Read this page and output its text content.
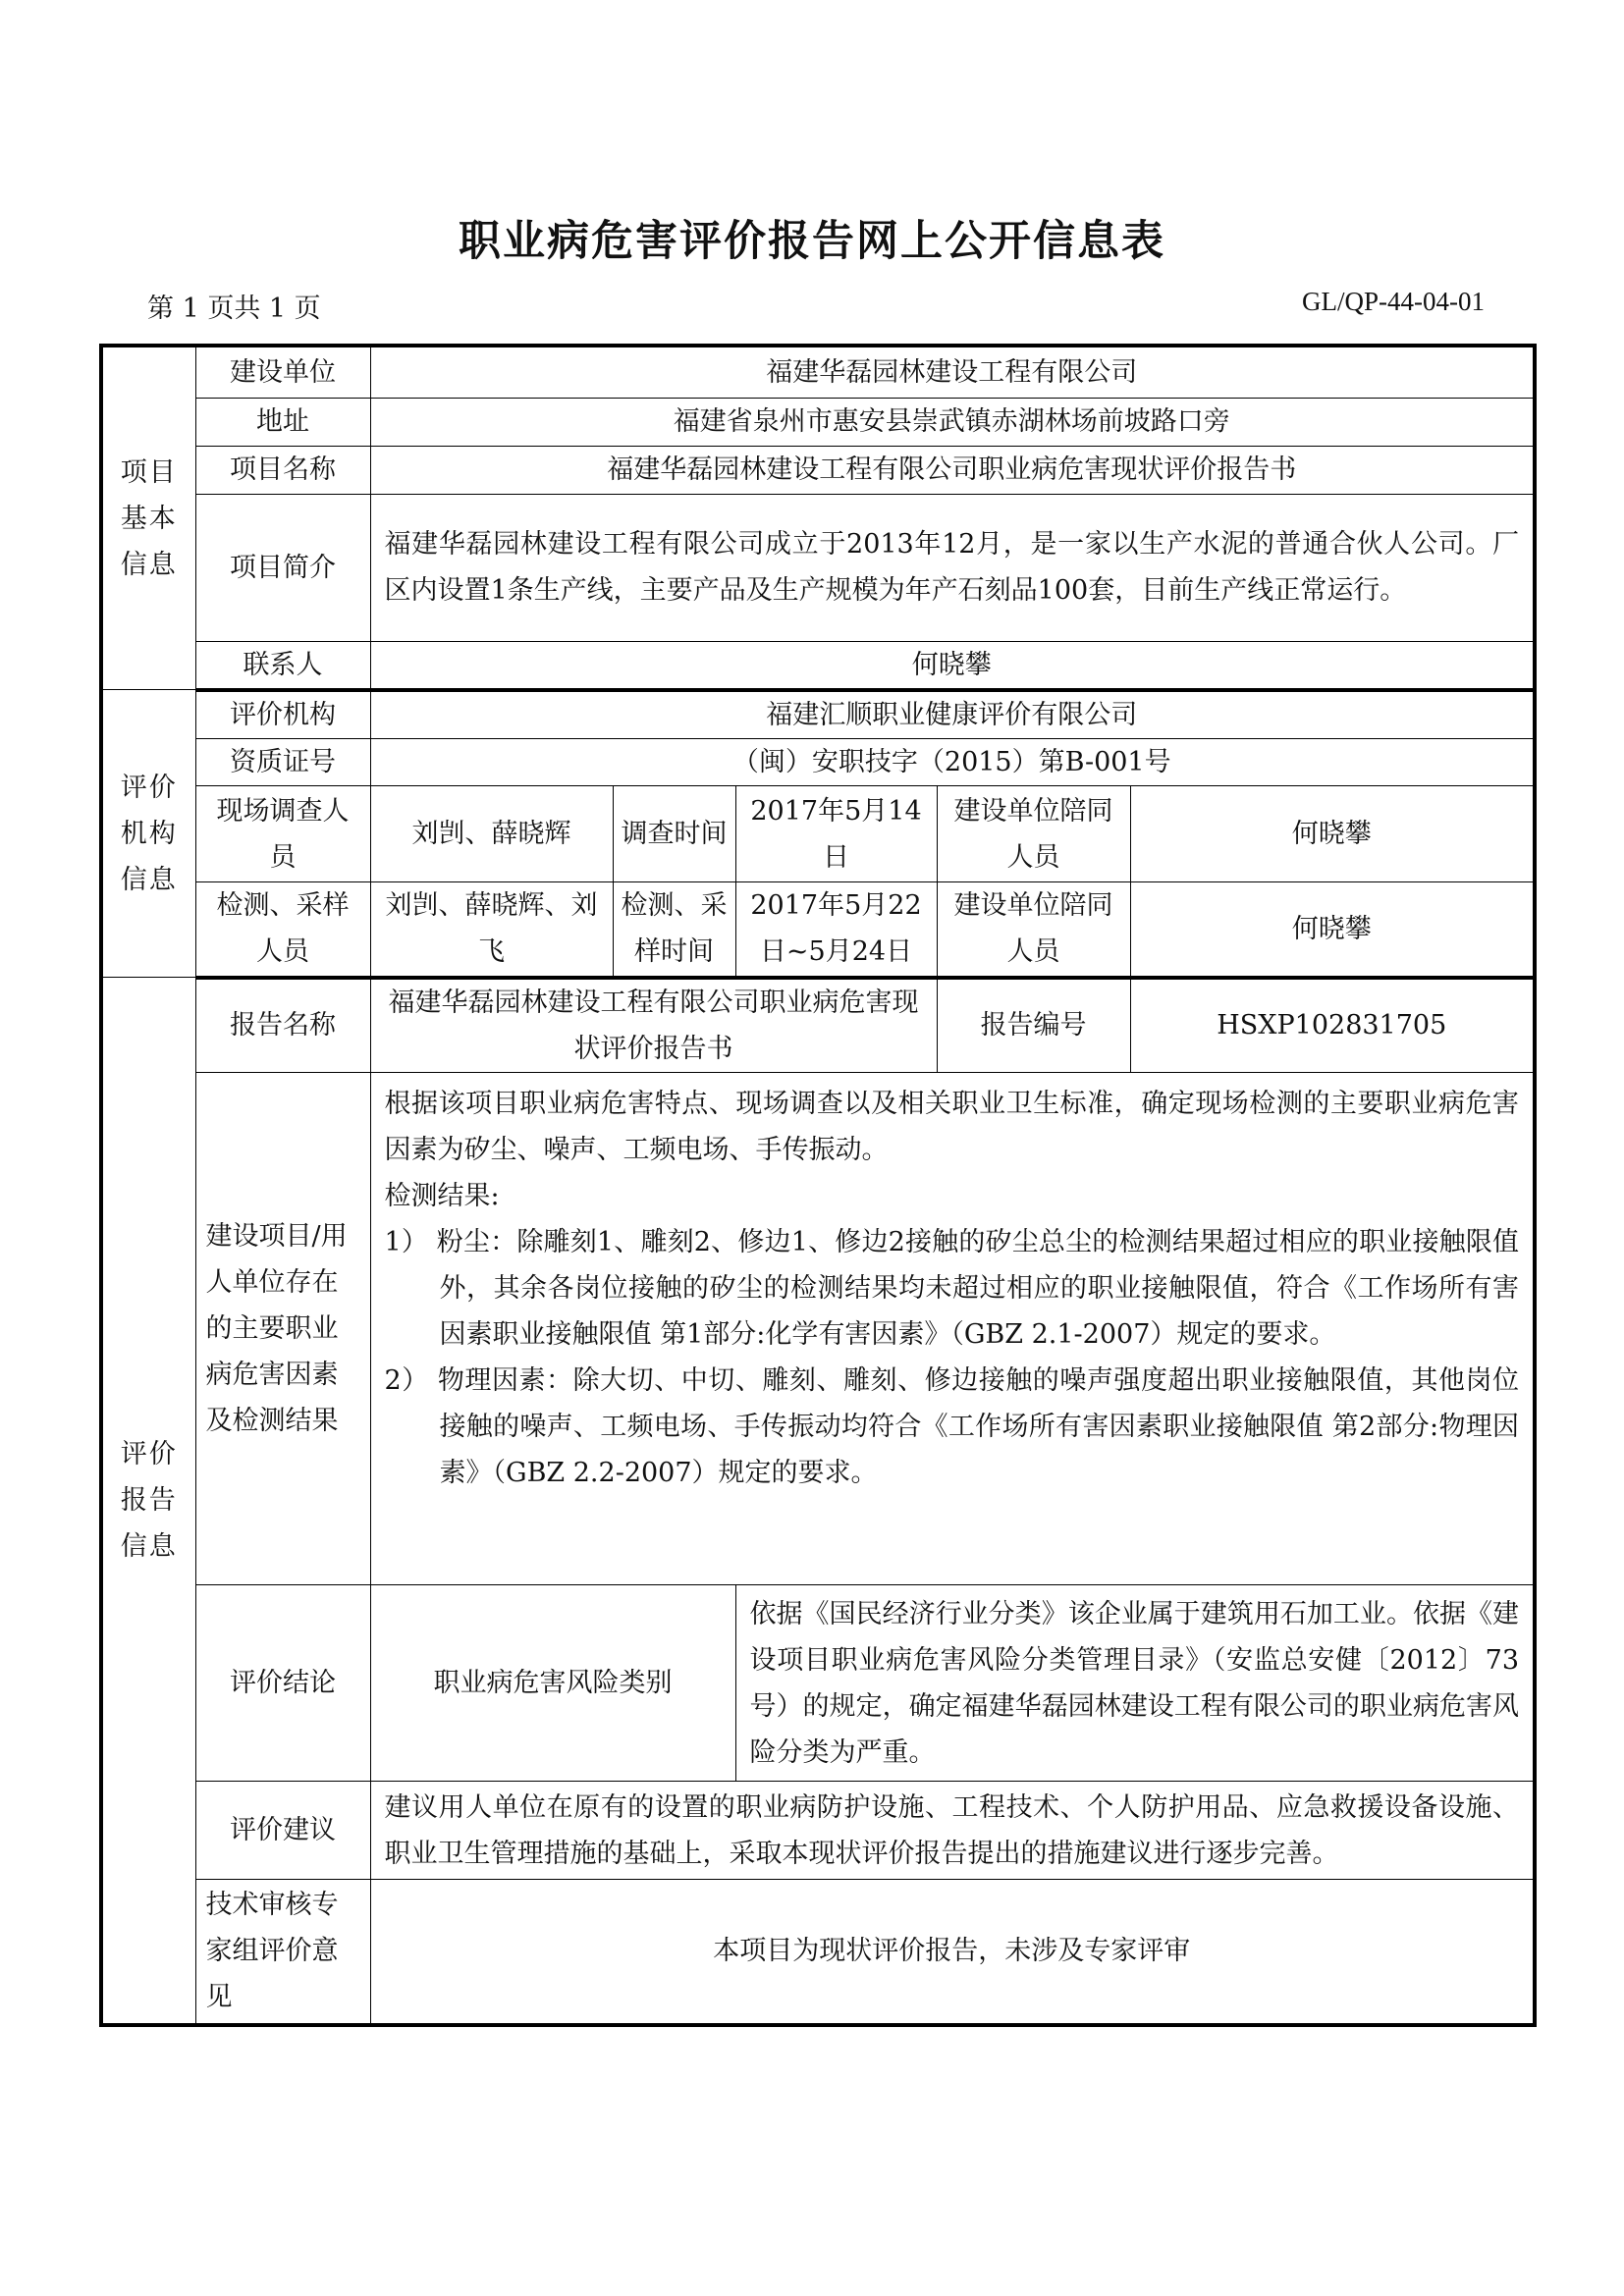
职业病危害评价报告网上公开信息表
第 1 页共 1 页	GL/QP-44-04-01
项目基本信息	建设单位	福建华磊园林建设工程有限公司				
	地址	福建省泉州市惠安县崇武镇赤湖林场前坡路口旁				
	项目名称	福建华磊园林建设工程有限公司职业病危害现状评价报告书				
	项目简介	福建华磊园林建设工程有限公司成立于2013年12月，是一家以生产水泥的普通合伙人公司。厂区内设置1条生产线，主要产品及生产规模为年产石刻品100套，目前生产线正常运行。				
	联系人	何晓攀				
评价机构信息	评价机构	福建汇顺职业健康评价有限公司				
	资质证号	（闽）安职技字（2015）第B-001号				
	现场调查人员	刘剀、薛晓辉	调查时间	2017年5月14日	建设单位陪同人员	何晓攀
	检测、采样人员	刘剀、薛晓辉、刘飞	检测、采样时间	2017年5月22日~5月24日	建设单位陪同人员	何晓攀
评价报告信息	报告名称	福建华磊园林建设工程有限公司职业病危害现状评价报告书			报告编号	HSXP102831705
	建设项目/用人单位存在的主要职业病危害因素及检测结果	根据该项目职业病危害特点、现场调查以及相关职业卫生标准，确定现场检测的主要职业病危害因素为矽尘、噪声、工频电场、手传振动。

检测结果:

1） 粉尘：除雕刻1、雕刻2、修边1、修边2接触的矽尘总尘的检测结果超过相应的职业接触限值外，其余各岗位接触的矽尘的检测结果均未超过相应的职业接触限值，符合《工作场所有害因素职业接触限值 第1部分:化学有害因素》（GBZ 2.1-2007）规定的要求。

2） 物理因素：除大切、中切、雕刻、雕刻、修边接触的噪声强度超出职业接触限值，其他岗位接触的噪声、工频电场、手传振动均符合《工作场所有害因素职业接触限值 第2部分:物理因素》（GBZ 2.2-2007）规定的要求。				

	评价结论	职业病危害风险类别		依据《国民经济行业分类》该企业属于建筑用石加工业。依据《建设项目职业病危害风险分类管理目录》（安监总安健〔2012〕73号）的规定，确定福建华磊园林建设工程有限公司的职业病危害风险分类为严重。		
	评价建议	建议用人单位在原有的设置的职业病防护设施、工程技术、个人防护用品、应急救援设备设施、职业卫生管理措施的基础上，采取本现状评价报告提出的措施建议进行逐步完善。				
	技术审核专家组评价意见	本项目为现状评价报告，未涉及专家评审				
